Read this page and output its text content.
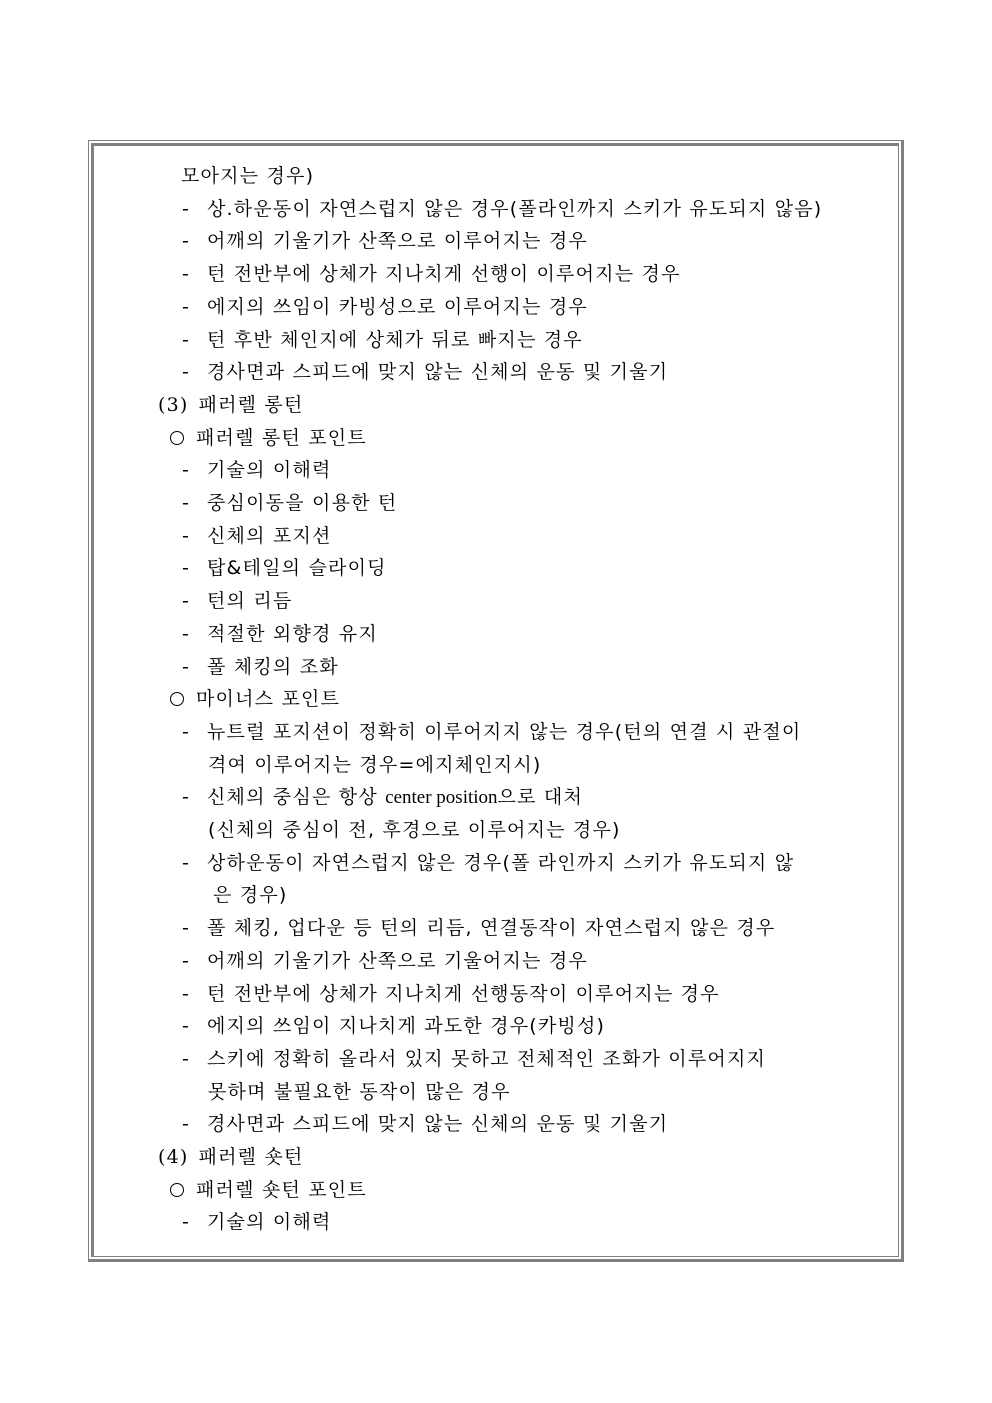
모아지는 경우)
- 상.하운동이 자연스럽지 않은 경우(폴라인까지 스키가 유도되지 않음)
- 어깨의 기울기가 산쪽으로 이루어지는 경우
- 턴 전반부에 상체가 지나치게 선행이 이루어지는 경우
- 에지의 쓰임이 카빙성으로 이루어지는 경우
- 턴 후반 체인지에 상체가 뒤로 빠지는 경우
- 경사면과 스피드에 맞지 않는 신체의 운동 및 기울기
(3) 패러렐 롱턴
패러렐 롱턴 포인트
- 기술의 이해력
- 중심이동을 이용한 턴
- 신체의 포지션
- 탑&테일의 슬라이딩
- 턴의 리듬
- 적절한 외향경 유지
- 폴 체킹의 조화
마이너스 포인트
- 뉴트럴 포지션이 정확히 이루어지지 않는 경우(턴의 연결 시 관절이
격여 이루어지는 경우=에지체인지시)
- 신체의 중심은 항상 center position으로 대처
(신체의 중심이 전, 후경으로 이루어지는 경우)
- 상하운동이 자연스럽지 않은 경우(폴 라인까지 스키가 유도되지 않
은 경우)
- 폴 체킹, 업다운 등 턴의 리듬, 연결동작이 자연스럽지 않은 경우
- 어깨의 기울기가 산쪽으로 기울어지는 경우
- 턴 전반부에 상체가 지나치게 선행동작이 이루어지는 경우
- 에지의 쓰임이 지나치게 과도한 경우(카빙성)
- 스키에 정확히 올라서 있지 못하고 전체적인 조화가 이루어지지
못하며 불필요한 동작이 많은 경우
- 경사면과 스피드에 맞지 않는 신체의 운동 및 기울기
(4) 패러렐 숏턴
패러렐 숏턴 포인트
- 기술의 이해력
